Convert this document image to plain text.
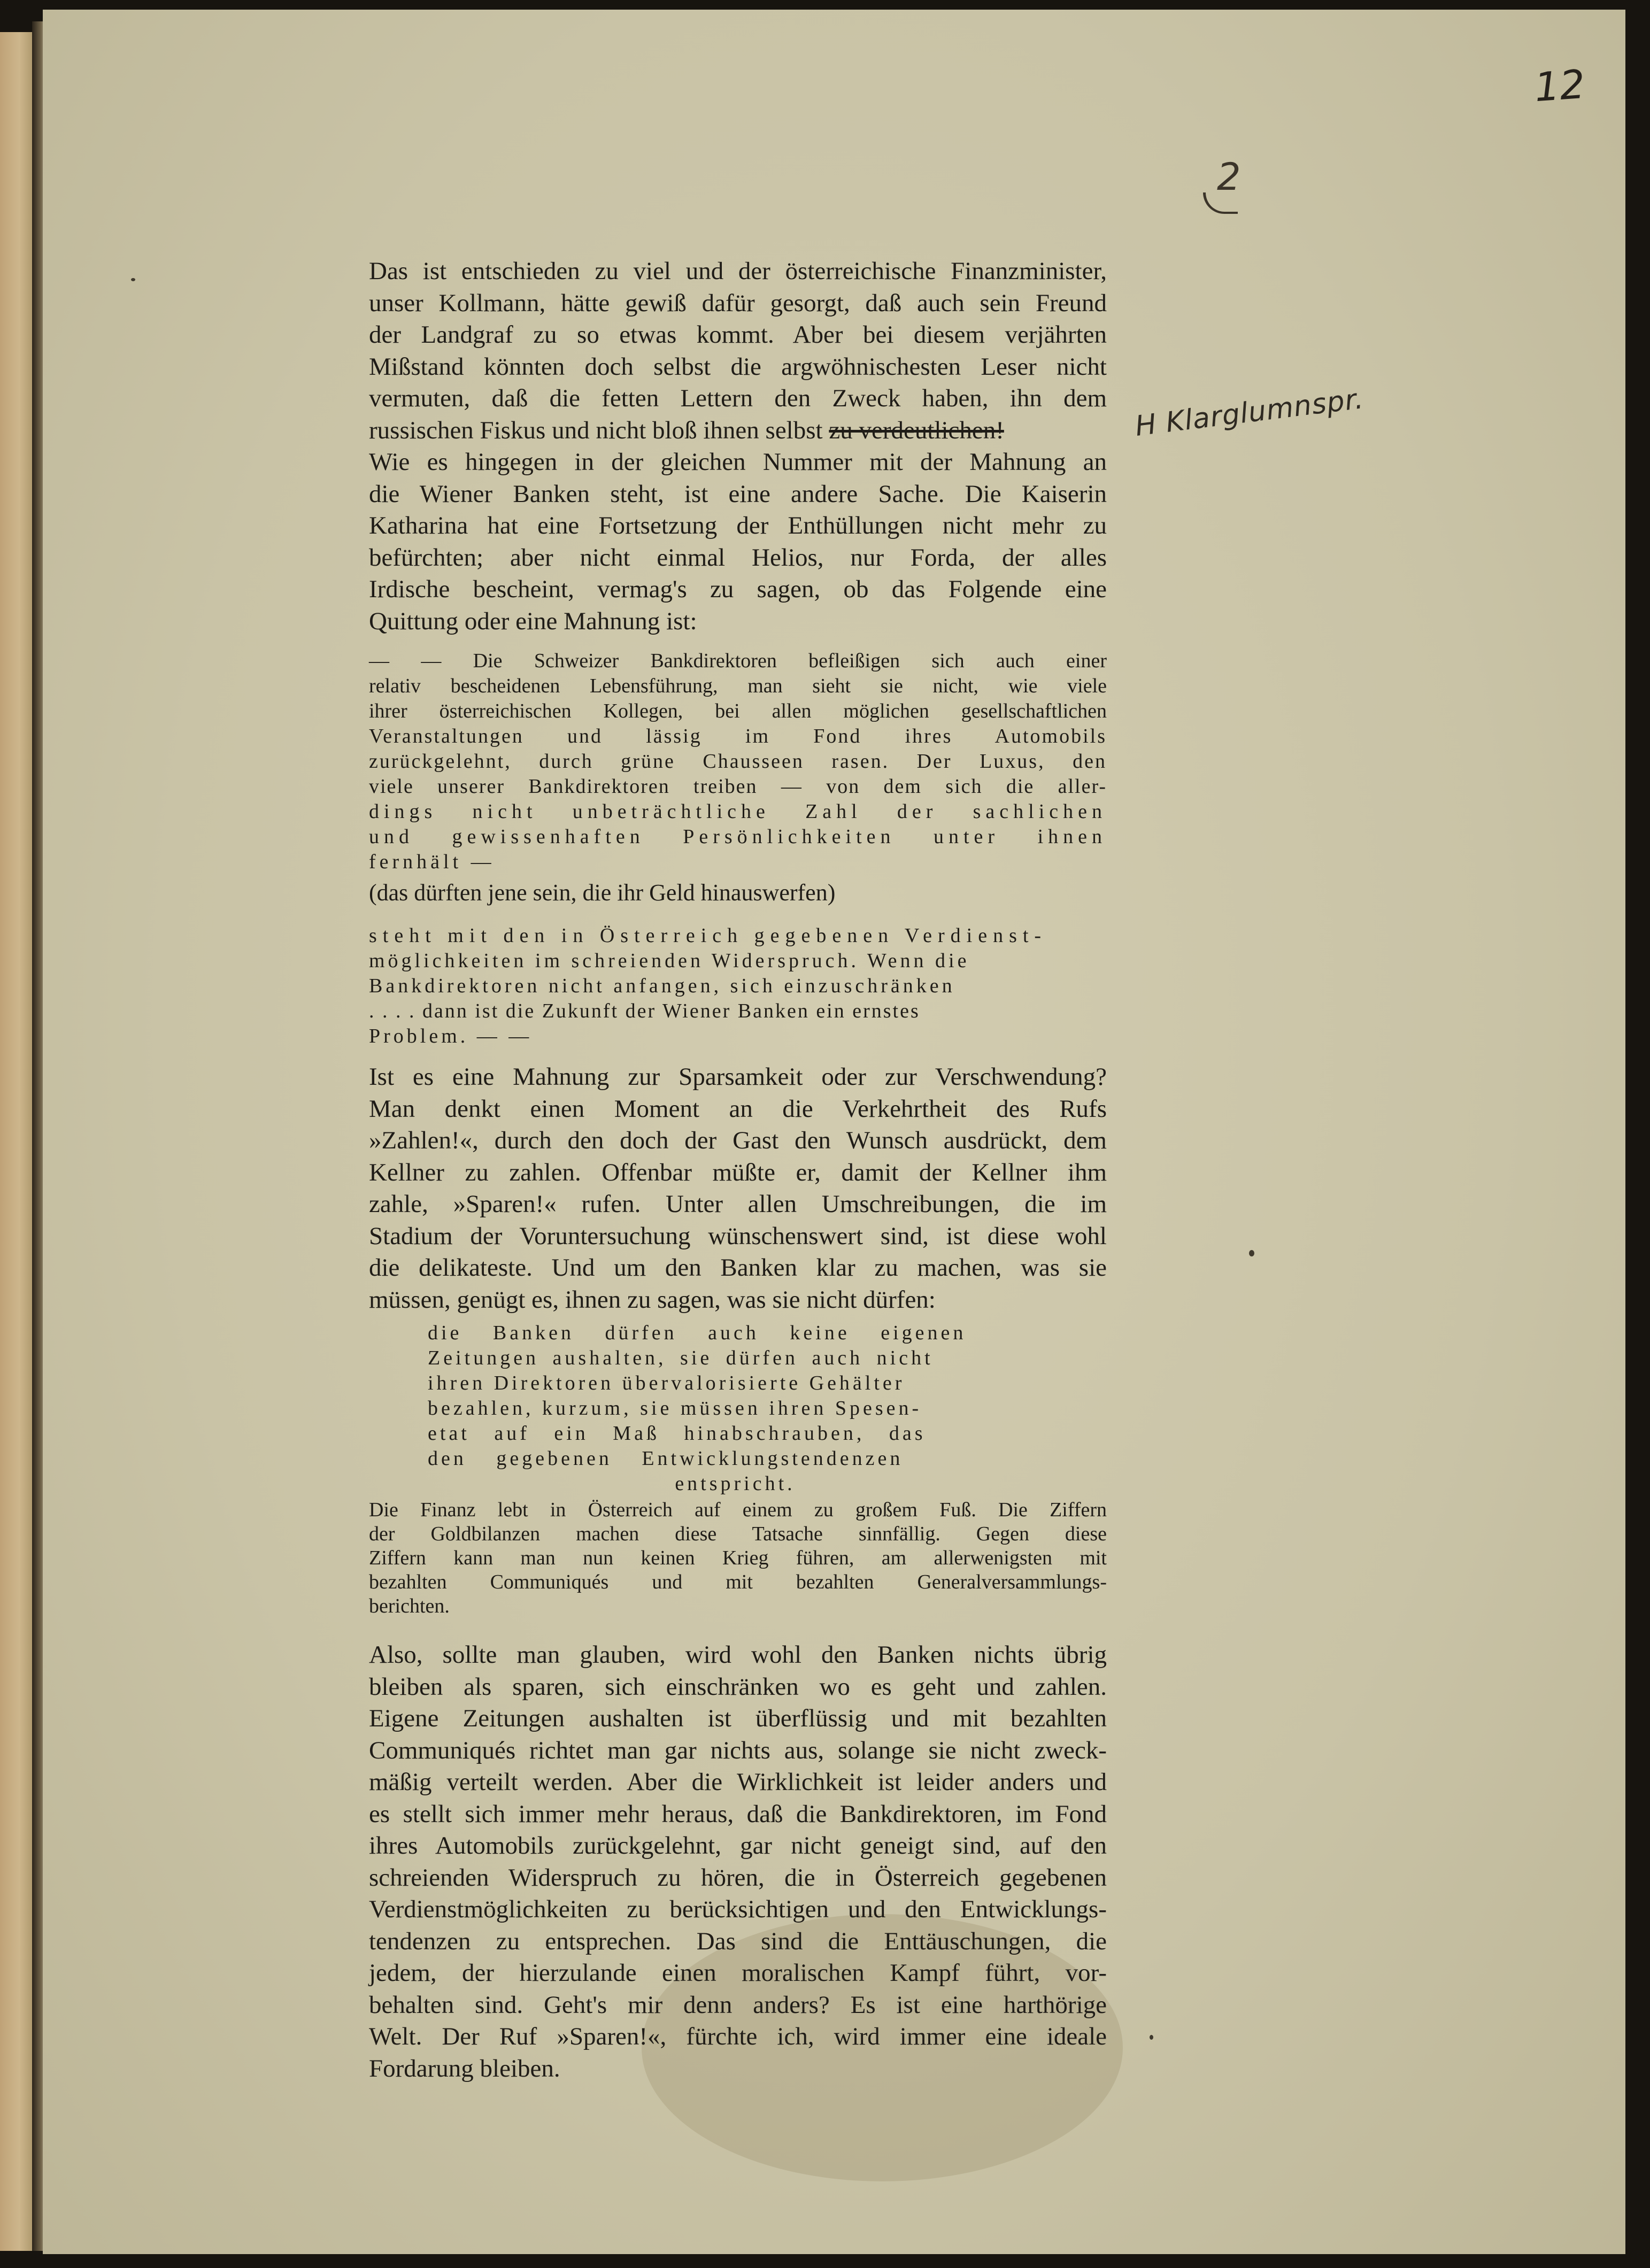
12
2
H Klarglumnspr.
Das ist entschieden zu viel und der österreichische Finanzminister,
unser Kollmann, hätte gewiß dafür gesorgt, daß auch sein Freund
der Landgraf zu so etwas kommt. Aber bei diesem verjährten
Mißstand könnten doch selbst die argwöhnischesten Leser nicht
vermuten, daß die fetten Lettern den Zweck haben, ihn dem
russischen Fiskus und nicht bloß ihnen selbst zu verdeutlichen!
Wie es hingegen in der gleichen Nummer mit der Mahnung an
die Wiener Banken steht, ist eine andere Sache. Die Kaiserin
Katharina hat eine Fortsetzung der Enthüllungen nicht mehr zu
befürchten; aber nicht einmal Helios, nur Forda, der alles
Irdische bescheint, vermag's zu sagen, ob das Folgende eine
Quittung oder eine Mahnung ist:
— — Die Schweizer Bankdirektoren befleißigen sich auch einer
relativ bescheidenen Lebensführung, man sieht sie nicht, wie viele
ihrer österreichischen Kollegen, bei allen möglichen gesellschaftlichen
Veranstaltungen und lässig im Fond ihres Automobils
zurückgelehnt, durch grüne Chausseen rasen. Der Luxus, den
viele unserer Bankdirektoren treiben — von dem sich die aller-
dings nicht unbeträchtliche Zahl der sachlichen
und gewissenhaften Persönlichkeiten unter ihnen
fernhält —
(das dürften jene sein, die ihr Geld hinauswerfen)
steht mit den in Österreich gegebenen Verdienst-
möglichkeiten im schreienden Widerspruch. Wenn die
Bankdirektoren nicht anfangen, sich einzuschränken
. . . . dann ist die Zukunft der Wiener Banken ein ernstes
Problem. — —
Ist es eine Mahnung zur Sparsamkeit oder zur Verschwendung?
Man denkt einen Moment an die Verkehrtheit des Rufs
»Zahlen!«, durch den doch der Gast den Wunsch ausdrückt, dem
Kellner zu zahlen. Offenbar müßte er, damit der Kellner ihm
zahle, »Sparen!« rufen. Unter allen Umschreibungen, die im
Stadium der Voruntersuchung wünschenswert sind, ist diese wohl
die delikateste. Und um den Banken klar zu machen, was sie
müssen, genügt es, ihnen zu sagen, was sie nicht dürfen:
die Banken dürfen auch keine eigenen
Zeitungen aushalten, sie dürfen auch nicht
ihren Direktoren übervalorisierte Gehälter
bezahlen, kurzum, sie müssen ihren Spesen-
etat auf ein Maß hinabschrauben, das
den gegebenen Entwicklungstendenzen
entspricht.
Die Finanz lebt in Österreich auf einem zu großem Fuß. Die Ziffern
der Goldbilanzen machen diese Tatsache sinnfällig. Gegen diese
Ziffern kann man nun keinen Krieg führen, am allerwenigsten mit
bezahlten Communiqués und mit bezahlten Generalversammlungs-
berichten.
Also, sollte man glauben, wird wohl den Banken nichts übrig
bleiben als sparen, sich einschränken wo es geht und zahlen.
Eigene Zeitungen aushalten ist überflüssig und mit bezahlten
Communiqués richtet man gar nichts aus, solange sie nicht zweck-
mäßig verteilt werden. Aber die Wirklichkeit ist leider anders und
es stellt sich immer mehr heraus, daß die Bankdirektoren, im Fond
ihres Automobils zurückgelehnt, gar nicht geneigt sind, auf den
schreienden Widerspruch zu hören, die in Österreich gegebenen
Verdienstmöglichkeiten zu berücksichtigen und den Entwicklungs-
tendenzen zu entsprechen. Das sind die Enttäuschungen, die
jedem, der hierzulande einen moralischen Kampf führt, vor-
behalten sind. Geht's mir denn anders? Es ist eine harthörige
Welt. Der Ruf »Sparen!«, fürchte ich, wird immer eine ideale
Fordarung bleiben.
